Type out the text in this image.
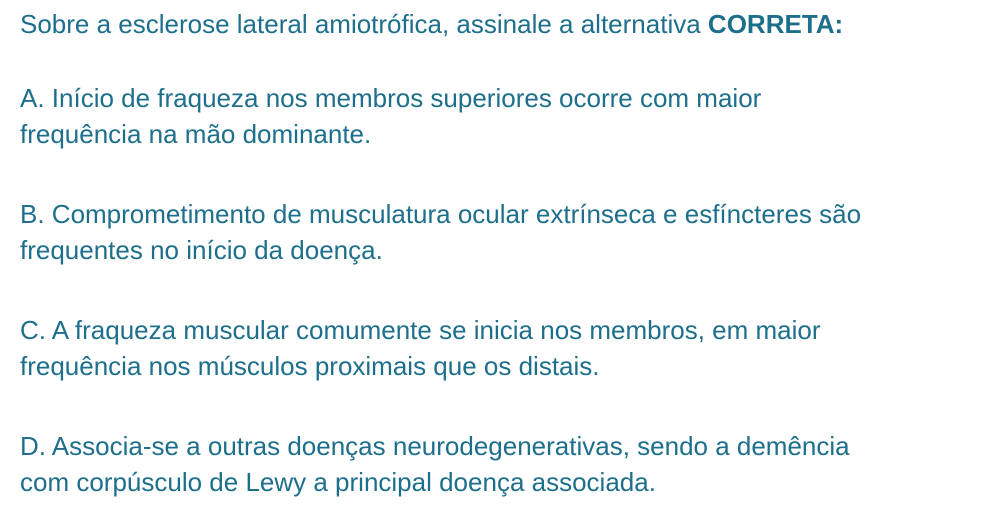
Sobre a esclerose lateral amiotrófica, assinale a alternativa CORRETA:
A. Início de fraqueza nos membros superiores ocorre com maior
frequência na mão dominante.
B. Comprometimento de musculatura ocular extrínseca e esfíncteres são
frequentes no início da doença.
C. A fraqueza muscular comumente se inicia nos membros, em maior
frequência nos músculos proximais que os distais.
D. Associa-se a outras doenças neurodegenerativas, sendo a demência
com corpúsculo de Lewy a principal doença associada.
